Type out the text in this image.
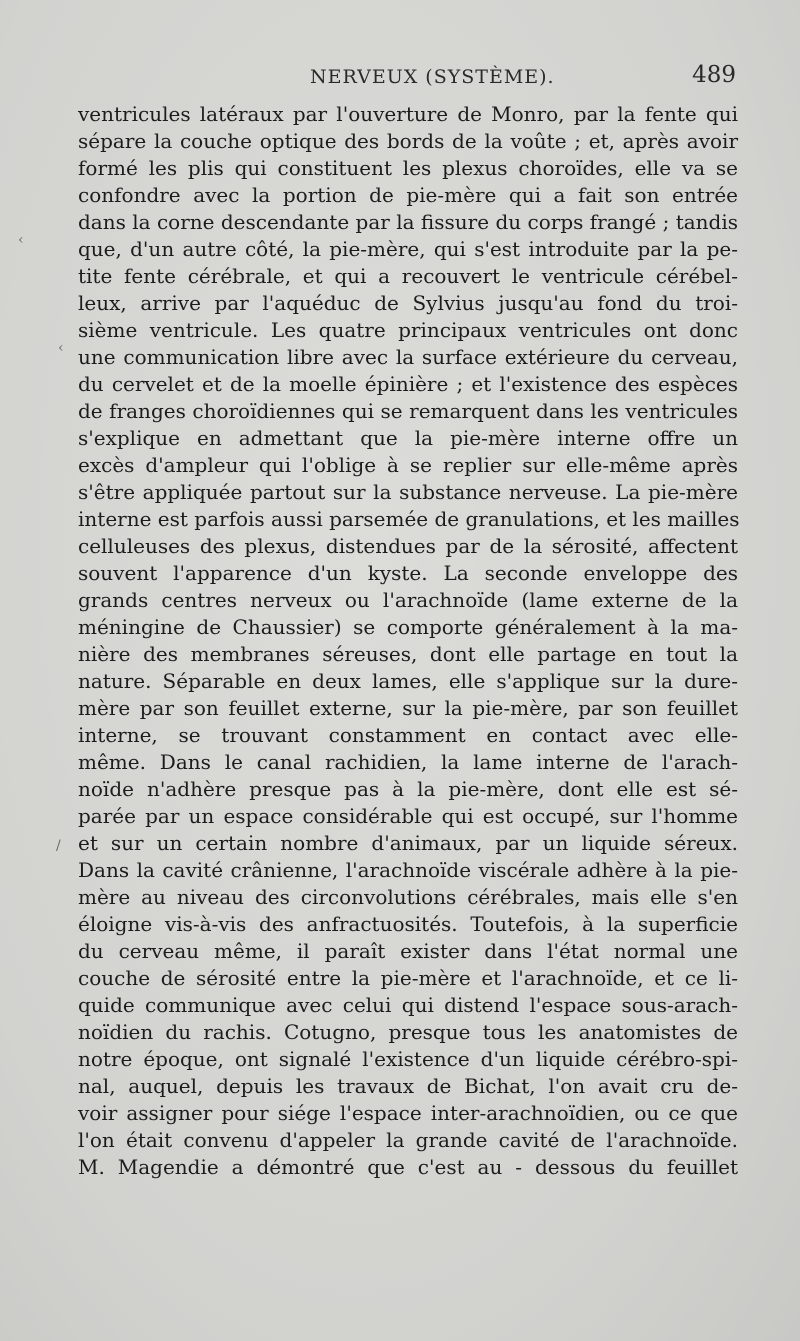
NERVEUX (SYSTÈME).	489
‹
‹
/
ventricules latéraux par l'ouverture de Monro, par la fente qui
sépare la couche optique des bords de la voûte ; et, après avoir
formé les plis qui constituent les plexus choroïdes, elle va se
confondre avec la portion de pie-mère qui a fait son entrée
dans la corne descendante par la fissure du corps frangé ; tandis
que, d'un autre côté, la pie-mère, qui s'est introduite par la pe-
tite fente cérébrale, et qui a recouvert le ventricule cérébel-
leux, arrive par l'aquéduc de Sylvius jusqu'au fond du troi-
sième ventricule. Les quatre principaux ventricules ont donc
une communication libre avec la surface extérieure du cerveau,
du cervelet et de la moelle épinière ; et l'existence des espèces
de franges choroïdiennes qui se remarquent dans les ventricules
s'explique en admettant que la pie-mère interne offre un
excès d'ampleur qui l'oblige à se replier sur elle-même après
s'être appliquée partout sur la substance nerveuse. La pie-mère
interne est parfois aussi parsemée de granulations, et les mailles
celluleuses des plexus, distendues par de la sérosité, affectent
souvent l'apparence d'un kyste. La seconde enveloppe des
grands centres nerveux ou l'arachnoïde (lame externe de la
méningine de Chaussier) se comporte généralement à la ma-
nière des membranes séreuses, dont elle partage en tout la
nature. Séparable en deux lames, elle s'applique sur la dure-
mère par son feuillet externe, sur la pie-mère, par son feuillet
interne, se trouvant constamment en contact avec elle-
même. Dans le canal rachidien, la lame interne de l'arach-
noïde n'adhère presque pas à la pie-mère, dont elle est sé-
parée par un espace considérable qui est occupé, sur l'homme
et sur un certain nombre d'animaux, par un liquide séreux.
Dans la cavité crânienne, l'arachnoïde viscérale adhère à la pie-
mère au niveau des circonvolutions cérébrales, mais elle s'en
éloigne vis-à-vis des anfractuosités. Toutefois, à la superficie
du cerveau même, il paraît exister dans l'état normal une
couche de sérosité entre la pie-mère et l'arachnoïde, et ce li-
quide communique avec celui qui distend l'espace sous-arach-
noïdien du rachis. Cotugno, presque tous les anatomistes de
notre époque, ont signalé l'existence d'un liquide cérébro-spi-
nal, auquel, depuis les travaux de Bichat, l'on avait cru de-
voir assigner pour siége l'espace inter-arachnoïdien, ou ce que
l'on était convenu d'appeler la grande cavité de l'arachnoïde.
M. Magendie a démontré que c'est au - dessous du feuillet
